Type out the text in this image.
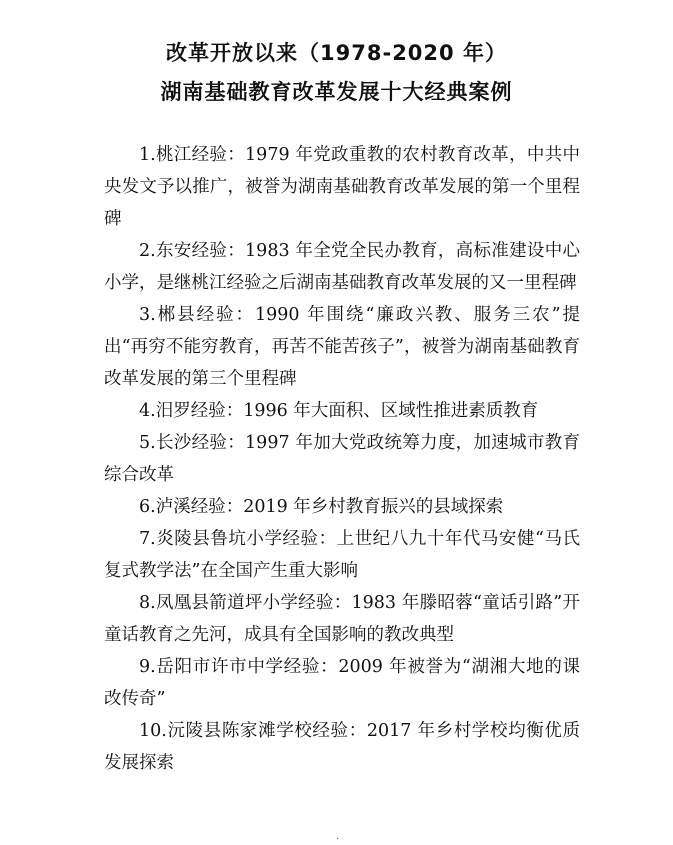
改革开放以来（1978-2020 年）
湖南基础教育改革发展十大经典案例

1.桃江经验：1979 年党政重教的农村教育改革，中共中央发文予以推广，被誉为湖南基础教育改革发展的第一个里程碑

2.东安经验：1983 年全党全民办教育，高标准建设中心小学，是继桃江经验之后湖南基础教育改革发展的又一里程碑

3.郴县经验：1990 年围绕“廉政兴教、服务三农”提出“再穷不能穷教育，再苦不能苦孩子”，被誉为湖南基础教育改革发展的第三个里程碑

4.汨罗经验：1996 年大面积、区域性推进素质教育

5.长沙经验：1997 年加大党政统筹力度，加速城市教育综合改革

6.泸溪经验：2019 年乡村教育振兴的县域探索

7.炎陵县鲁坑小学经验：上世纪八九十年代马安健“马氏复式教学法”在全国产生重大影响

8.凤凰县箭道坪小学经验：1983 年滕昭蓉“童话引路”开童话教育之先河，成具有全国影响的教改典型

9.岳阳市许市中学经验：2009 年被誉为“湖湘大地的课改传奇”

10.沅陵县陈家滩学校经验：2017 年乡村学校均衡优质发展探索

·
